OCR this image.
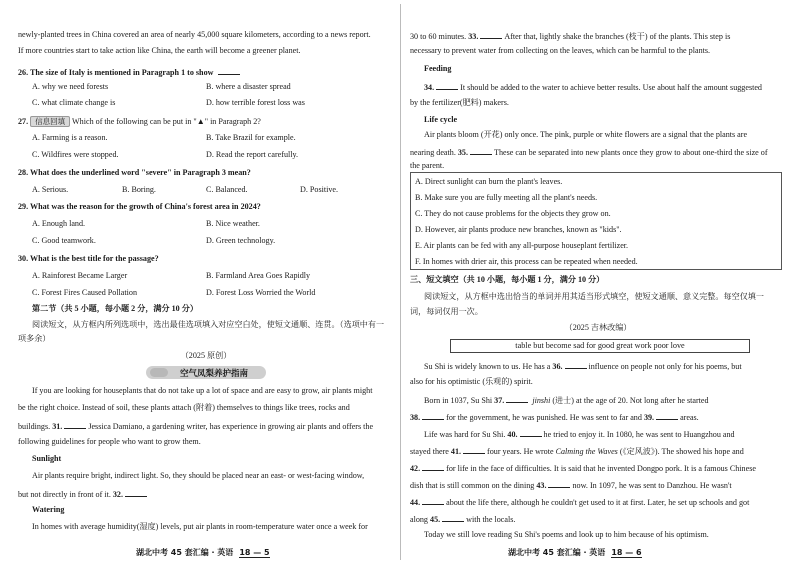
newly-planted trees in China covered an area of nearly 45,000 square kilometers, according to a news report.
If more countries start to take action like China, the earth will become a greener planet.
26. The size of Italy is mentioned in Paragraph 1 to show
A. why we need forests	B. where a disaster spread
C. what climate change is	D. how terrible forest loss was
27. 信息回填 Which of the following can be put in "▲" in Paragraph 2?
A. Farming is a reason.	B. Take Brazil for example.
C. Wildfires were stopped.	D. Read the report carefully.
28. What does the underlined word "severe" in Paragraph 3 mean?
A. Serious.	B. Boring.	C. Balanced.	D. Positive.
29. What was the reason for the growth of China's forest area in 2024?
A. Enough land.	B. Nice weather.
C. Good teamwork.	D. Green technology.
30. What is the best title for the passage?
A. Rainforest Became Larger	B. Farmland Area Goes Rapidly
C. Forest Fires Caused Pollation	D. Forest Loss Worried the World
第二节（共 5 小题，每小题 2 分，满分 10 分）
阅读短文，从方框内所列选项中，选出最佳选项填入对应空白处，使短文通顺、连贯。（选项中有一
项多余）
（2025 原创）
空气凤梨养护指南
If you are looking for houseplants that do not take up a lot of space and are easy to grow, air plants might
be the right choice. Instead of soil, these plants attach (附着) themselves to things like trees, rocks and
buildings. 31.	Jessica Damiano, a gardening writer, has experience in growing air plants and offers the
following guidelines for people who want to grow them.
Sunlight
Air plants require bright, indirect light. So, they should be placed near an east- or west-facing window,
but not directly in front of it. 32.
Watering
In homes with average humidity(湿度) levels, put air plants in room-temperature water once a week for
湖北中考 45 套汇编 · 英语 18 — 5
30 to 60 minutes. 33.	After that, lightly shake the branches (枝干) of the plants. This step is
necessary to prevent water from collecting on the leaves, which can be harmful to the plants.
Feeding
34.	It should be added to the water to achieve better results. Use about half the amount suggested
by the fertilizer(肥料) makers.
Life cycle
Air plants bloom (开花) only once. The pink, purple or white flowers are a signal that the plants are
nearing death. 35.	These can be separated into new plants once they grow to about one-third the size of
the parent.
A. Direct sunlight can burn the plant's leaves.
B. Make sure you are fully meeting all the plant's needs.
C. They do not cause problems for the objects they grow on.
D. However, air plants produce new branches, known as "kids".
E. Air plants can be fed with any all-purpose houseplant fertilizer.
F. In homes with drier air, this process can be repeated when needed.
三、短文填空（共 10 小题，每小题 1 分，满分 10 分）
阅读短文，从方框中选出恰当的单词并用其适当形式填空，使短文通顺、意义完整。每空仅填一
词，每词仅用一次。
（2025 吉林改编）
table but become sad for good great work poor love
Su Shi is widely known to us. He has a 36.	influence on people not only for his poems, but
also for his optimistic (乐观的) spirit.
Born in 1037, Su Shi 37.	jinshi (进士) at the age of 20. Not long after he started
38.	for the government, he was punished. He was sent to far and 39.	areas.
Life was hard for Su Shi. 40.	he tried to enjoy it. In 1080, he was sent to Huangzhou and
stayed there 41.	four years. He wrote Calming the Waves (《定风波》). The showed his hope and
42.	for life in the face of difficulties. It is said that he invented Dongpo pork. It is a famous Chinese
dish that is still common on the dining 43.	now. In 1097, he was sent to Danzhou. He wasn't
44.	about the life there, although he couldn't get used to it at first. Later, he set up schools and got
along 45.	with the locals.
Today we still love reading Su Shi's poems and look up to him because of his optimism.
湖北中考 45 套汇编 · 英语 18 — 6
